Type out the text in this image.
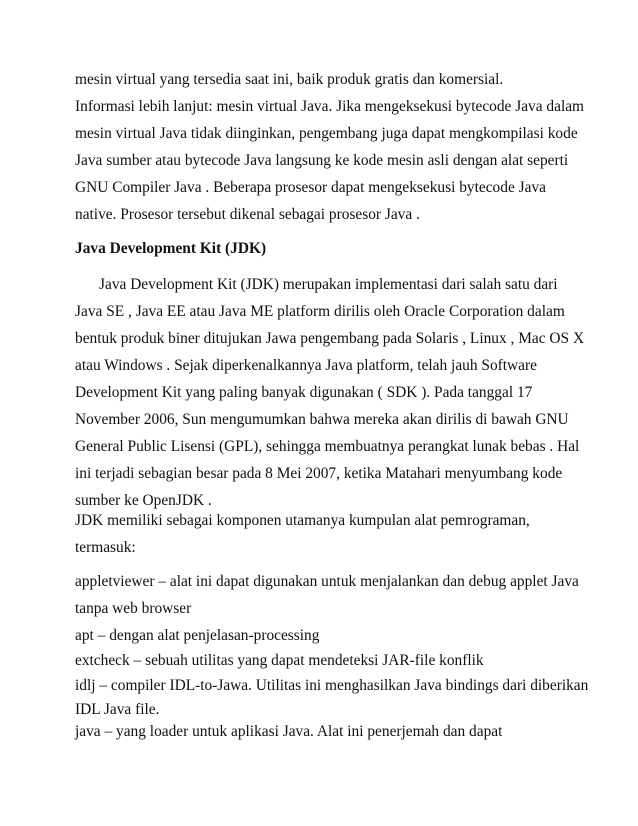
mesin virtual yang tersedia saat ini, baik produk gratis dan komersial.
Informasi lebih lanjut: mesin virtual Java. Jika mengeksekusi bytecode Java dalam
mesin virtual Java tidak diinginkan, pengembang juga dapat mengkompilasi kode
Java sumber atau bytecode Java langsung ke kode mesin asli dengan alat seperti
GNU Compiler Java . Beberapa prosesor dapat mengeksekusi bytecode Java
native. Prosesor tersebut dikenal sebagai prosesor Java .
Java Development Kit (JDK)
Java Development Kit (JDK) merupakan implementasi dari salah satu dari
Java SE , Java EE atau Java ME platform dirilis oleh Oracle Corporation dalam
bentuk produk biner ditujukan Jawa pengembang pada Solaris , Linux , Mac OS X
atau Windows . Sejak diperkenalkannya Java platform, telah jauh Software
Development Kit yang paling banyak digunakan ( SDK ). Pada tanggal 17
November 2006, Sun mengumumkan bahwa mereka akan dirilis di bawah GNU
General Public Lisensi (GPL), sehingga membuatnya perangkat lunak bebas . Hal
ini terjadi sebagian besar pada 8 Mei 2007, ketika Matahari menyumbang kode
sumber ke OpenJDK .
JDK memiliki sebagai komponen utamanya kumpulan alat pemrograman,
termasuk:
appletviewer – alat ini dapat digunakan untuk menjalankan dan debug applet Java
tanpa web browser
apt – dengan alat penjelasan-processing
extcheck – sebuah utilitas yang dapat mendeteksi JAR-file konflik
idlj – compiler IDL-to-Jawa. Utilitas ini menghasilkan Java bindings dari diberikan
IDL Java file.
java – yang loader untuk aplikasi Java. Alat ini penerjemah dan dapat
